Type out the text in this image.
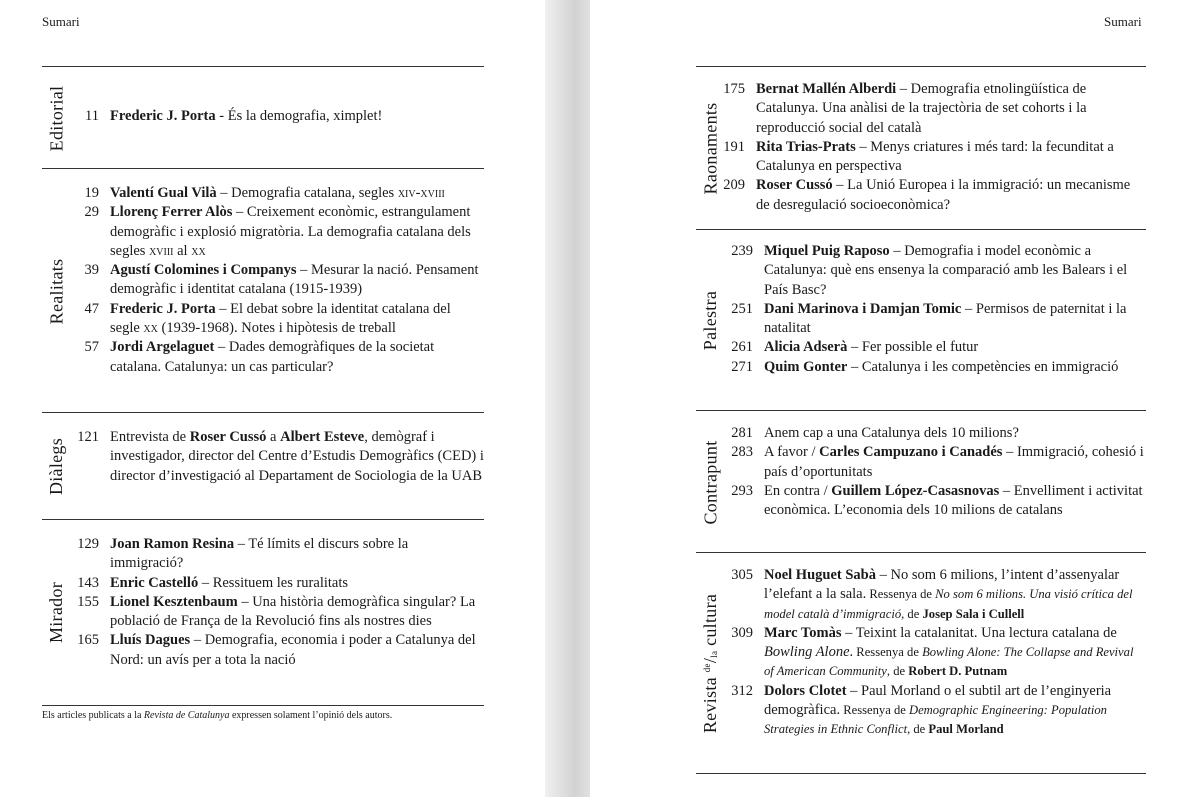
Sumari
Editorial	11 Frederic J. Porta - És la demografia, ximplet!
Realitats
19 Valentí Gual Vilà – Demografia catalana, segles xiv-xviii
29 Llorenç Ferrer Alòs – Creixement econòmic, estrangulament demogràfic i explosió migratòria. La demografia catalana dels segles xviii al xx
39 Agustí Colomines i Companys – Mesurar la nació. Pensament demogràfic i identitat catalana (1915-1939)
47 Frederic J. Porta – El debat sobre la identitat catalana del segle xx (1939-1968). Notes i hipòtesis de treball
57 Jordi Argelaguet – Dades demogràfiques de la societat catalana. Catalunya: un cas particular?
Diàlegs
121 Entrevista de Roser Cussó a Albert Esteve, demògraf i investigador, director del Centre d’Estudis Demogràfics (CED) i director d’investigació al Departament de Sociologia de la UAB
Mirador
129 Joan Ramon Resina – Té límits el discurs sobre la immigració?
143 Enric Castelló – Ressituem les ruralitats
155 Lionel Kesztenbaum – Una història demogràfica singular? La població de França de la Revolució fins als nostres dies
165 Lluís Dagues – Demografia, economia i poder a Catalunya del Nord: un avís per a tota la nació
Els articles publicats a la Revista de Catalunya expressen solament l’opinió dels autors.
Sumari
Raonaments
175 Bernat Mallén Alberdi – Demografia etnolingüística de Catalunya. Una anàlisi de la trajectòria de set cohorts i la reproducció social del català
191 Rita Trias-Prats – Menys criatures i més tard: la fecunditat a Catalunya en perspectiva
209 Roser Cussó – La Unió Europea i la immigració: un mecanisme de desregulació socioeconòmica?
Palestra
239 Miquel Puig Raposo – Demografia i model econòmic a Catalunya: què ens ensenya la comparació amb les Balears i el País Basc?
251 Dani Marinova i Damjan Tomic – Permisos de paternitat i la natalitat
261 Alicia Adserà – Fer possible el futur
271 Quim Gonter – Catalunya i les competències en immigració
Contrapunt
281 Anem cap a una Catalunya dels 10 milions?
283 A favor / Carles Campuzano i Canadés – Immigració, cohesió i país d’oportunitats
293 En contra / Guillem López-Casasnovas – Envelliment i activitat econòmica. L’economia dels 10 milions de catalans
Revista $^{de}/_{la}$ cultura
305 Noel Huguet Sabà – No som 6 milions, l’intent d’assenyalar l’elefant a la sala. Ressenya de No som 6 milions. Una visió crítica del model català d’immigració, de Josep Sala i Cullell
309 Marc Tomàs – Teixint la catalanitat. Una lectura catalana de Bowling Alone. Ressenya de Bowling Alone: The Collapse and Revival of American Community, de Robert D. Putnam
312 Dolors Clotet – Paul Morland o el subtil art de l’enginyeria demogràfica. Ressenya de Demographic Engineering: Population Strategies in Ethnic Conflict, de Paul Morland
